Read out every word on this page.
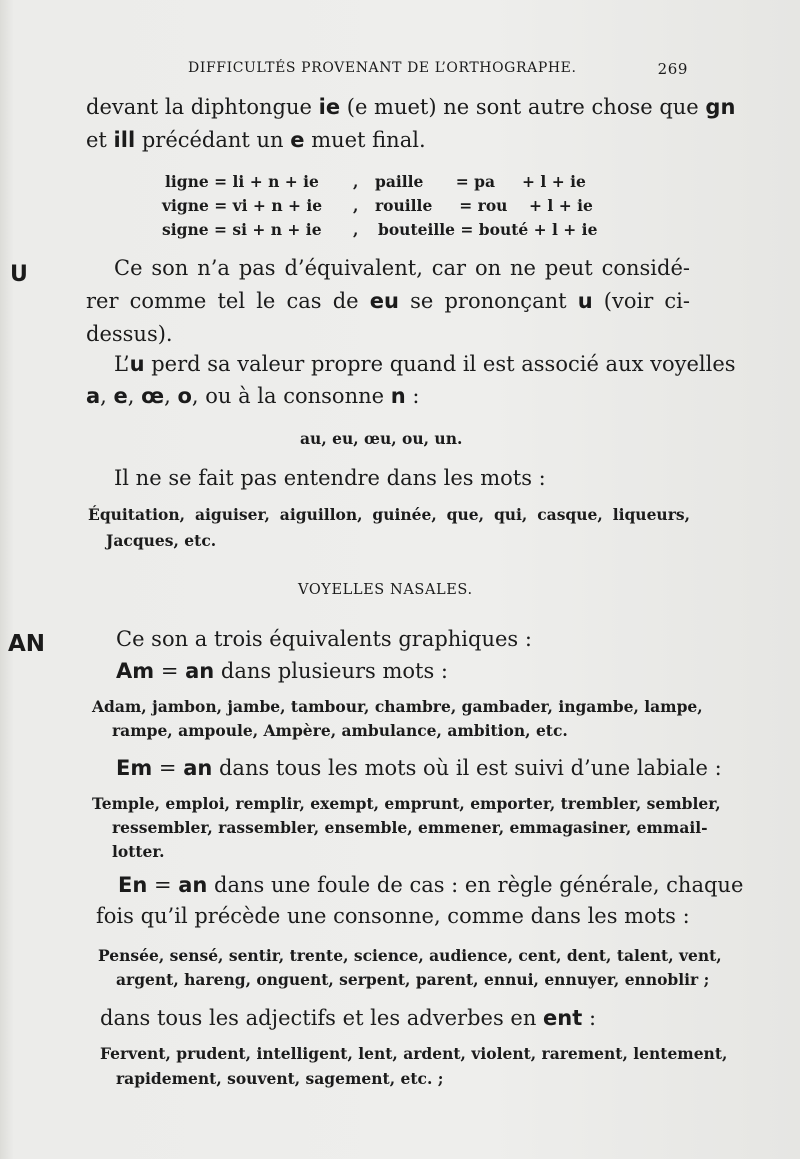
DIFFICULTÉS PROVENANT DE L’ORTHOGRAPHE.	269
devant la diphtongue ie (e muet) ne sont autre chose que gn
et ill précédant un e muet final.
ligne = li + n + ie , paille      = pa     + l + ie
vigne = vi + n + ie , rouille     = rou    + l + ie
signe = si + n + ie , bouteille = bouté + l + ie
U	Ce son n’a pas d’équivalent, car on ne peut considé-
rer comme tel le cas de eu se prononçant u (voir ci-
dessus).
L’u perd sa valeur propre quand il est associé aux voyelles
a, e, œ, o, ou à la consonne n :
au, eu, œu, ou, un.
Il ne se fait pas entendre dans les mots :
Équitation, aiguiser, aiguillon, guinée, que, qui, casque, liqueurs,
Jacques, etc.
VOYELLES NASALES.
AN	Ce son a trois équivalents graphiques :
Am = an dans plusieurs mots :
Adam, jambon, jambe, tambour, chambre, gambader, ingambe, lampe,
rampe, ampoule, Ampère, ambulance, ambition, etc.
Em = an dans tous les mots où il est suivi d’une labiale :
Temple, emploi, remplir, exempt, emprunt, emporter, trembler, sembler,
ressembler, rassembler, ensemble, emmener, emmagasiner, emmail-
lotter.
En = an dans une foule de cas : en règle générale, chaque
fois qu’il précède une consonne, comme dans les mots :
Pensée, sensé, sentir, trente, science, audience, cent, dent, talent, vent,
argent, hareng, onguent, serpent, parent, ennui, ennuyer, ennoblir ;
dans tous les adjectifs et les adverbes en ent :
Fervent, prudent, intelligent, lent, ardent, violent, rarement, lentement,
rapidement, souvent, sagement, etc. ;
